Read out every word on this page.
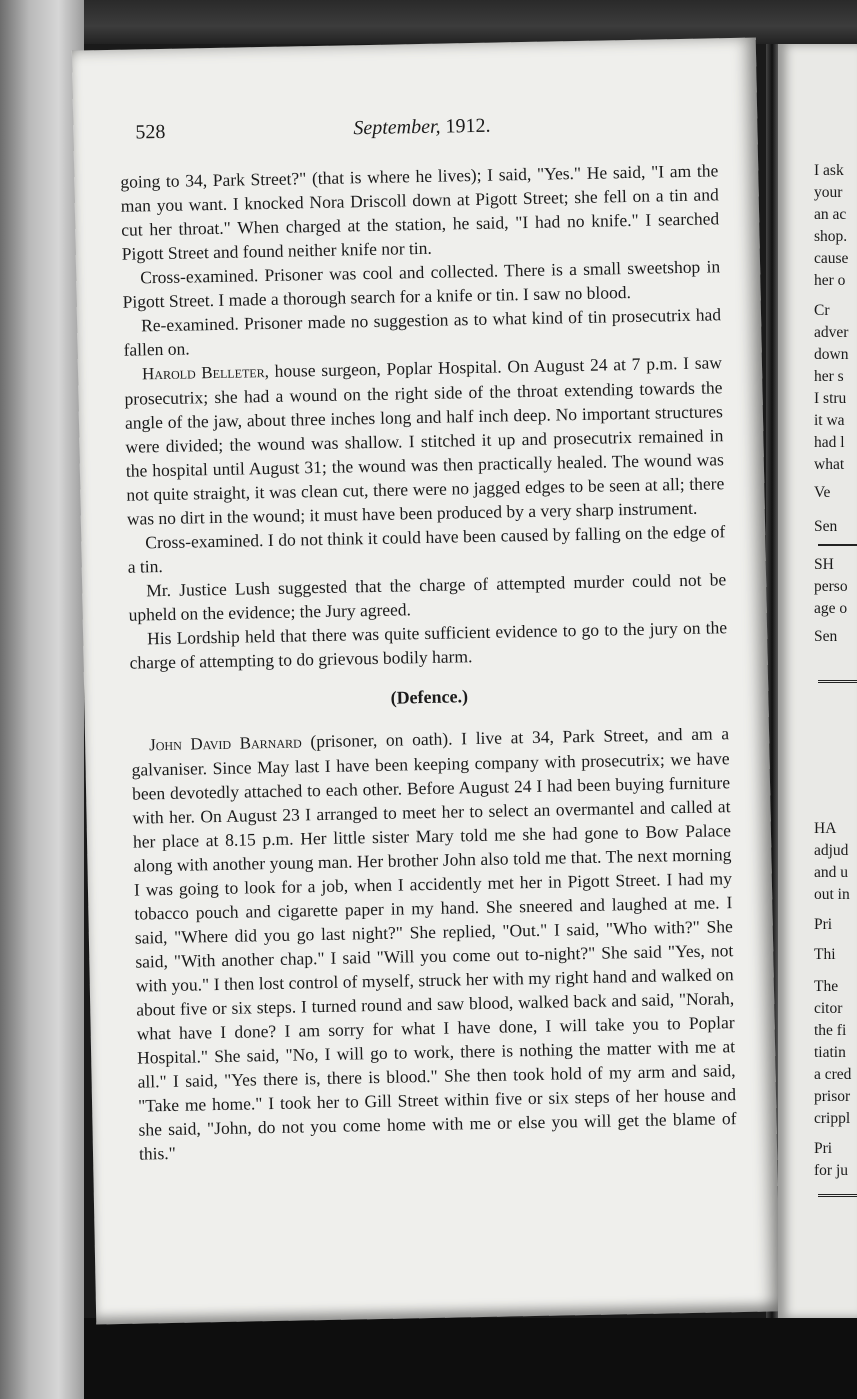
528	September, 1912.

going to 34, Park Street?" (that is where he lives); I said, "Yes." He said, "I am the man you want. I knocked Nora Driscoll down at Pigott Street; she fell on a tin and cut her throat." When charged at the station, he said, "I had no knife." I searched Pigott Street and found neither knife nor tin.

Cross-examined. Prisoner was cool and collected. There is a small sweetshop in Pigott Street. I made a thorough search for a knife or tin. I saw no blood.

Re-examined. Prisoner made no suggestion as to what kind of tin prosecutrix had fallen on.

Harold Belleter, house surgeon, Poplar Hospital. On August 24 at 7 p.m. I saw prosecutrix; she had a wound on the right side of the throat extending towards the angle of the jaw, about three inches long and half inch deep. No important structures were divided; the wound was shallow. I stitched it up and prosecutrix remained in the hospital until August 31; the wound was then practically healed. The wound was not quite straight, it was clean cut, there were no jagged edges to be seen at all; there was no dirt in the wound; it must have been produced by a very sharp instrument.

Cross-examined. I do not think it could have been caused by falling on the edge of a tin.

Mr. Justice Lush suggested that the charge of attempted murder could not be upheld on the evidence; the Jury agreed.

His Lordship held that there was quite sufficient evidence to go to the jury on the charge of attempting to do grievous bodily harm.

(Defence.)

John David Barnard (prisoner, on oath). I live at 34, Park Street, and am a galvaniser. Since May last I have been keeping company with prosecutrix; we have been devotedly attached to each other. Before August 24 I had been buying furniture with her. On August 23 I arranged to meet her to select an overmantel and called at her place at 8.15 p.m. Her little sister Mary told me she had gone to Bow Palace along with another young man. Her brother John also told me that. The next morning I was going to look for a job, when I accidently met her in Pigott Street. I had my tobacco pouch and cigarette paper in my hand. She sneered and laughed at me. I said, "Where did you go last night?" She replied, "Out." I said, "Who with?" She said, "With another chap." I said "Will you come out to-night?" She said "Yes, not with you." I then lost control of myself, struck her with my right hand and walked on about five or six steps. I turned round and saw blood, walked back and said, "Norah, what have I done? I am sorry for what I have done, I will take you to Poplar Hospital." She said, "No, I will go to work, there is nothing the matter with me at all." I said, "Yes there is, there is blood." She then took hold of my arm and said, "Take me home." I took her to Gill Street within five or six steps of her house and she said, "John, do not you come home with me or else you will get the blame of this."

I ask
your
an ac
shop.
cause
her o
Cr
adver
down
her s
I stru
it wa
had l
what
Ve
Sen
SH
perso
age o
Sen
HA
adjud
and u
out in
Pri
Thi
The
citor
the fi
tiatin
a cred
prisor
crippl
Pri
for ju
